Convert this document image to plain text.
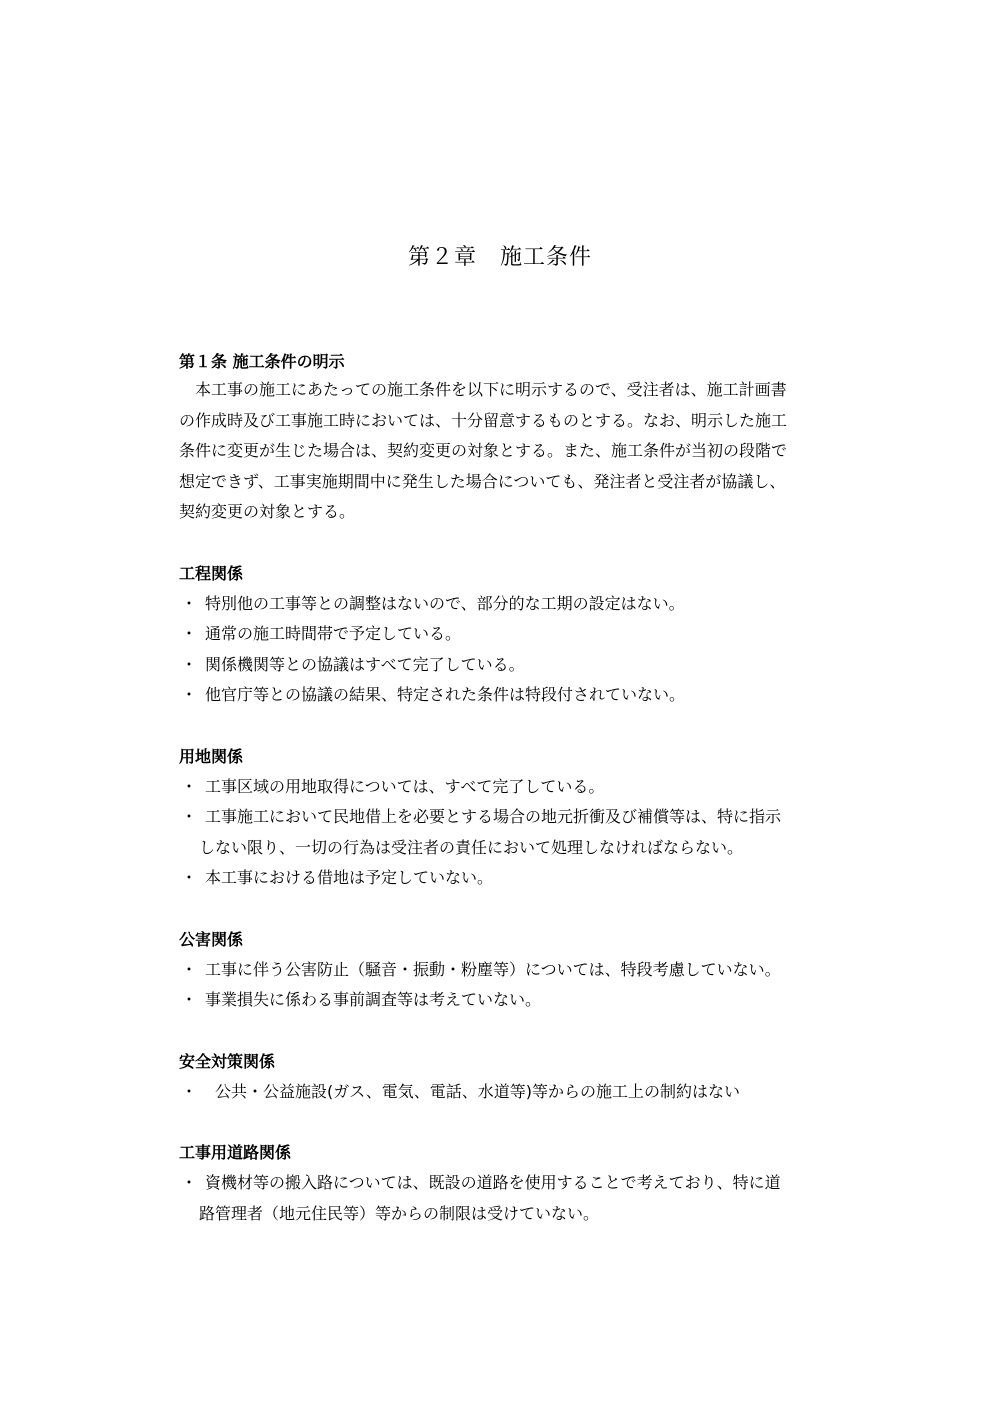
第２章　施工条件
第１条 施工条件の明示

　本工事の施工にあたっての施工条件を以下に明示するので、受注者は、施工計画書

の作成時及び工事施工時においては、十分留意するものとする。なお、明示した施工

条件に変更が生じた場合は、契約変更の対象とする。また、施工条件が当初の段階で

想定できず、工事実施期間中に発生した場合についても、発注者と受注者が協議し、

契約変更の対象とする。

工程関係
・ 特別他の工事等との調整はないので、部分的な工期の設定はない。
・ 通常の施工時間帯で予定している。
・ 関係機関等との協議はすべて完了している。
・ 他官庁等との協議の結果、特定された条件は特段付されていない。
用地関係
・ 工事区域の用地取得については、すべて完了している。
・ 工事施工において民地借上を必要とする場合の地元折衝及び補償等は、特に指示
しない限り、一切の行為は受注者の責任において処理しなければならない。
・ 本工事における借地は予定していない。
公害関係
・ 工事に伴う公害防止（騒音・振動・粉塵等）については、特段考慮していない。
・ 事業損失に係わる事前調査等は考えていない。
安全対策関係
・	公共・公益施設(ガス、電気、電話、水道等)等からの施工上の制約はない
工事用道路関係
・ 資機材等の搬入路については、既設の道路を使用することで考えており、特に道
路管理者（地元住民等）等からの制限は受けていない。
